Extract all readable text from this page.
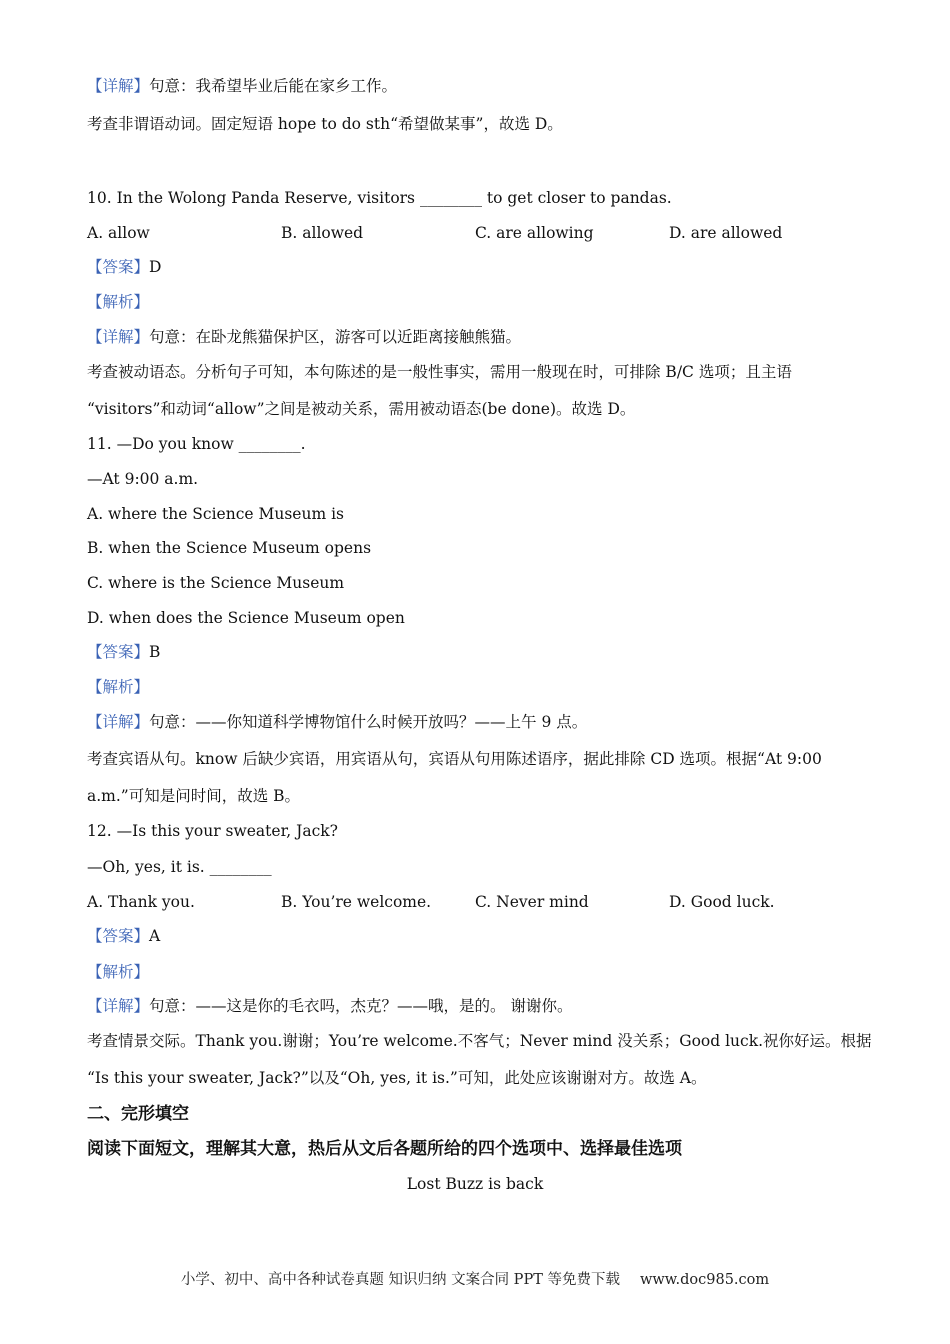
【详解】句意：我希望毕业后能在家乡工作。
考查非谓语动词。固定短语 hope to do sth“希望做某事”，故选 D。
10. In the Wolong Panda Reserve, visitors ________ to get closer to pandas.
A. allow	B. allowed	C. are allowing	D. are allowed
【答案】D
【解析】
【详解】句意：在卧龙熊猫保护区，游客可以近距离接触熊猫。
考查被动语态。分析句子可知，本句陈述的是一般性事实，需用一般现在时，可排除 B/C 选项；且主语
“visitors”和动词“allow”之间是被动关系，需用被动语态(be done)。故选 D。
11. —Do you know ________.
—At 9:00 a.m.
A. where the Science Museum is
B. when the Science Museum opens
C. where is the Science Museum
D. when does the Science Museum open
【答案】B
【解析】
【详解】句意：——你知道科学博物馆什么时候开放吗？——上午 9 点。
考查宾语从句。know 后缺少宾语，用宾语从句，宾语从句用陈述语序，据此排除 CD 选项。根据“At 9:00
a.m.”可知是问时间，故选 B。
12. —Is this your sweater, Jack?
—Oh, yes, it is. ________
A. Thank you.	B. You’re welcome.	C. Never mind	D. Good luck.
【答案】A
【解析】
【详解】句意：——这是你的毛衣吗，杰克？——哦，是的。 谢谢你。
考查情景交际。Thank you.谢谢；You’re welcome.不客气；Never mind 没关系；Good luck.祝你好运。根据
“Is this your sweater, Jack?”以及“Oh, yes, it is.”可知，此处应该谢谢对方。故选 A。
二、完形填空
阅读下面短文，理解其大意，热后从文后各题所给的四个选项中、选择最佳选项
Lost Buzz is back
小学、初中、高中各种试卷真题 知识归纳 文案合同 PPT 等免费下载 www.doc985.com
